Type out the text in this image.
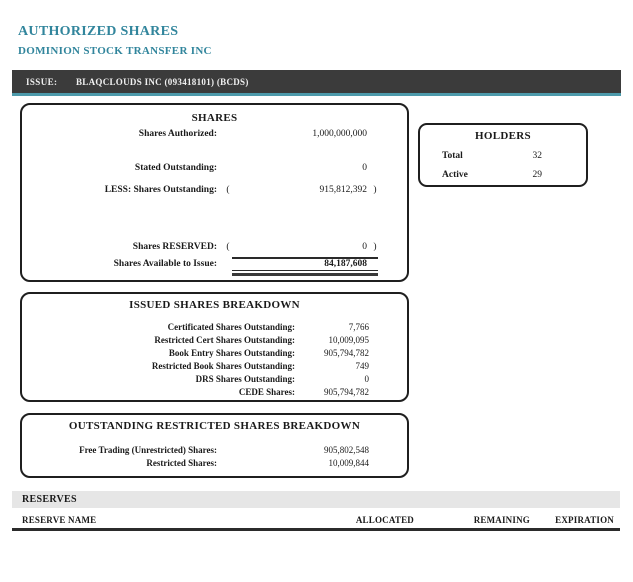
AUTHORIZED SHARES
DOMINION STOCK TRANSFER INC
ISSUE:	BLAQCLOUDS INC (093418101) (BCDS)
SHARES
Shares Authorized:	1,000,000,000
Stated Outstanding:	0
LESS: Shares Outstanding: (	915,812,392 )
Shares RESERVED: (	0 )
Shares Available to Issue:	84,187,608
HOLDERS
Total	32
Active	29
ISSUED SHARES BREAKDOWN
Certificated Shares Outstanding:	7,766
Restricted Cert Shares Outstanding:	10,009,095
Book Entry Shares Outstanding:	905,794,782
Restricted Book Shares Outstanding:	749
DRS Shares Outstanding:	0
CEDE Shares:	905,794,782
OUTSTANDING RESTRICTED SHARES BREAKDOWN
Free Trading (Unrestricted) Shares:	905,802,548
Restricted Shares:	10,009,844
RESERVES
RESERVE NAME	ALLOCATED	REMAINING	EXPIRATION
